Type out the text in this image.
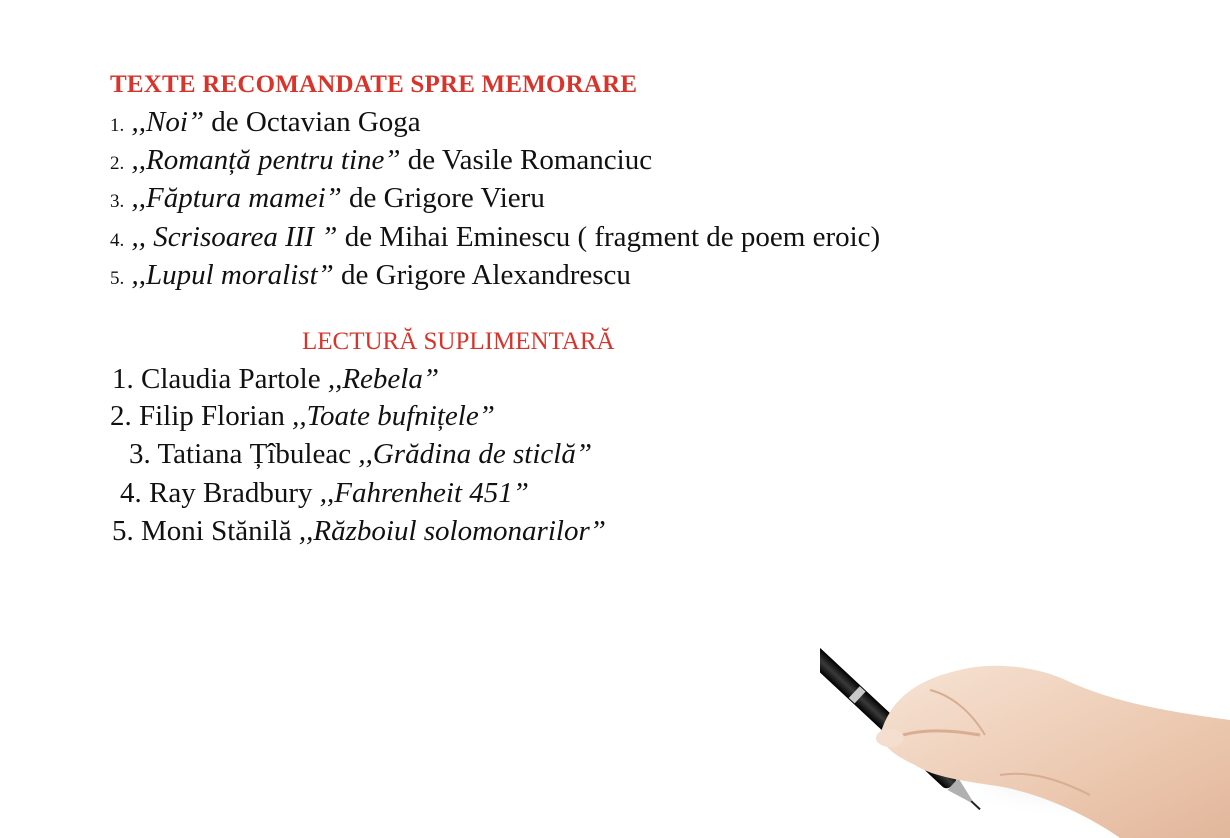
TEXTE RECOMANDATE SPRE MEMORARE
1. ,,Noi” de Octavian Goga
2. ,,Romanță pentru tine” de Vasile Romanciuc
3. ,,Făptura mamei” de Grigore Vieru
4. ,, Scrisoarea III ” de Mihai Eminescu ( fragment de poem eroic)
5. ,,Lupul moralist” de Grigore Alexandrescu
LECTURĂ SUPLIMENTARĂ
1. Claudia Partole ,,Rebela”
2. Filip Florian ,,Toate bufnițele”
3. Tatiana Țîbuleac ,,Grădina de sticlă”
4. Ray Bradbury ,,Fahrenheit 451”
5. Moni Stănilă ,,Războiul solomonarilor”
